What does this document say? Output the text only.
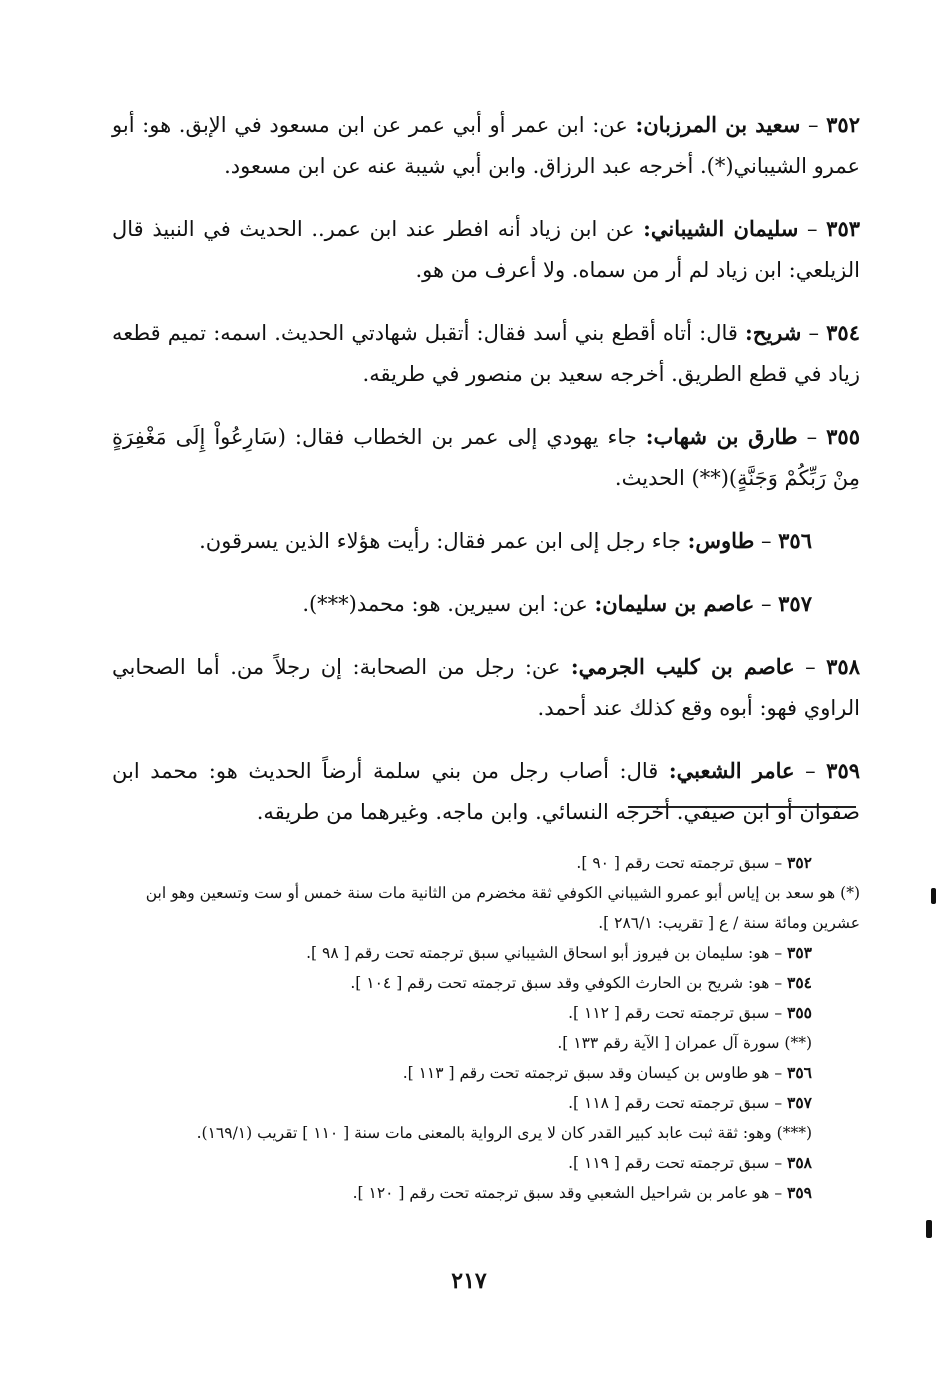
٣٥٢ – سعيد بن المرزبان: عن: ابن عمر أو أبي عمر عن ابن مسعود في الإبق. هو: أبو عمرو الشيباني(*). أخرجه عبد الرزاق. وابن أبي شيبة عنه عن ابن مسعود.

٣٥٣ – سليمان الشيباني: عن ابن زياد أنه افطر عند ابن عمر.. الحديث في النبيذ قال الزيلعي: ابن زياد لم أر من سماه. ولا أعرف من هو.

٣٥٤ – شريح: قال: أتاه أقطع بني أسد فقال: أتقبل شهادتي الحديث. اسمه: تميم قطعه زياد في قطع الطريق. أخرجه سعيد بن منصور في طريقه.

٣٥٥ – طارق بن شهاب: جاء يهودي إلى عمر بن الخطاب فقال: (سَارِعُواْ إِلَى مَغْفِرَةٍ مِنْ رَبِّكُمْ وَجَنَّةٍ)(**) الحديث.

٣٥٦ – طاوس: جاء رجل إلى ابن عمر فقال: رأيت هؤلاء الذين يسرقون.

٣٥٧ – عاصم بن سليمان: عن: ابن سيرين. هو: محمد(***).

٣٥٨ – عاصم بن كليب الجرمي: عن: رجل من الصحابة: إن رجلاً من. أما الصحابي الراوي فهو: أبوه وقع كذلك عند أحمد.

٣٥٩ – عامر الشعبي: قال: أصاب رجل من بني سلمة أرضاً الحديث هو: محمد ابن صفوان أو ابن صيفي. أخرجه النسائي. وابن ماجه. وغيرهما من طريقه.

٣٥٢ – سبق ترجمته تحت رقم [ ٩٠ ].
(*) هو سعد بن إياس أبو عمرو الشيباني الكوفي ثقة مخضرم من الثانية مات سنة خمس أو ست وتسعين وهو ابن عشرين ومائة سنة / ع [ تقريب: ٢٨٦/١ ].
٣٥٣ – هو: سليمان بن فيروز أبو اسحاق الشيباني سبق ترجمته تحت رقم [ ٩٨ ].
٣٥٤ – هو: شريح بن الحارث الكوفي وقد سبق ترجمته تحت رقم [ ١٠٤ ].
٣٥٥ – سبق ترجمته تحت رقم [ ١١٢ ].
(**) سورة آل عمران [ الآية رقم ١٣٣ ].
٣٥٦ – هو طاوس بن كيسان وقد سبق ترجمته تحت رقم [ ١١٣ ].
٣٥٧ – سبق ترجمته تحت رقم [ ١١٨ ].
(***) وهو: ثقة ثبت عابد كبير القدر كان لا يرى الرواية بالمعنى مات سنة [ ١١٠ ] تقريب (١٦٩/١).
٣٥٨ – سبق ترجمته تحت رقم [ ١١٩ ].
٣٥٩ – هو عامر بن شراحيل الشعبي وقد سبق ترجمته تحت رقم [ ١٢٠ ].
٢١٧
